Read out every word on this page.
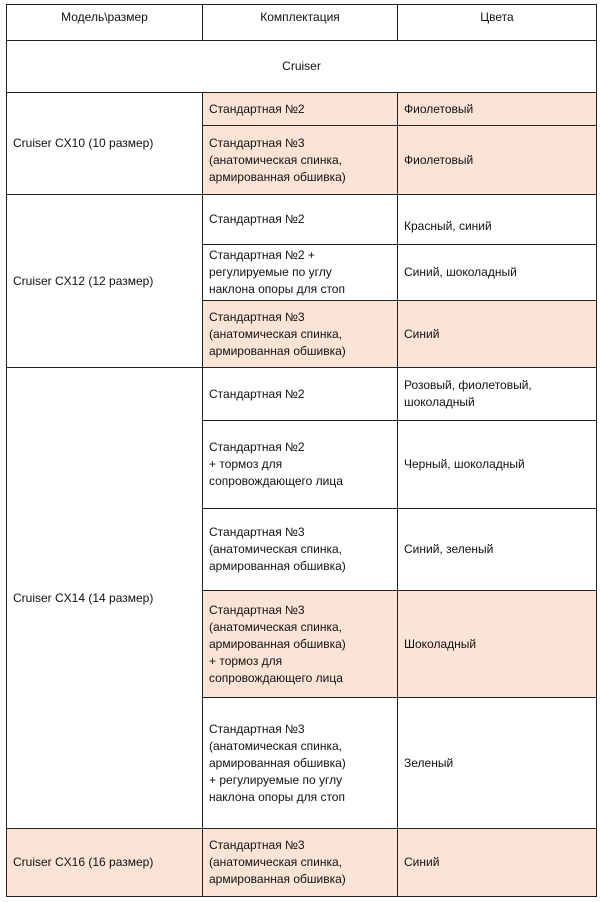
Модель\размер	Комплектация	Цвета
Cruiser		
Cruiser CX10 (10 размер)	Стандартная №2	Фиолетовый

	Стандартная №3
(анатомическая спинка,
армированная обшивка)	Фиолетовый

Cruiser CX12 (12 размер)	Стандартная №2	Красный, синий

	Стандартная №2 +
регулируемые по углу
наклона опоры для стоп	Синий, шоколадный

	Стандартная №3
(анатомическая спинка,
армированная обшивка)	Синий

Cruiser CX14 (14 размер)	Стандартная №2	Розовый, фиолетовый,
шоколадный

	Стандартная №2
+ тормоз для
сопровождающего лица	Черный, шоколадный

	Стандартная №3
(анатомическая спинка,
армированная обшивка)	Синий, зеленый

	Стандартная №3
(анатомическая спинка,
армированная обшивка)
+ тормоз для
сопровождающего лица	Шоколадный

	Стандартная №3
(анатомическая спинка,
армированная обшивка)
+ регулируемые по углу
наклона опоры для стоп	Зеленый

Cruiser CX16 (16 размер)	Стандартная №3
(анатомическая спинка,
армированная обшивка)	Синий
